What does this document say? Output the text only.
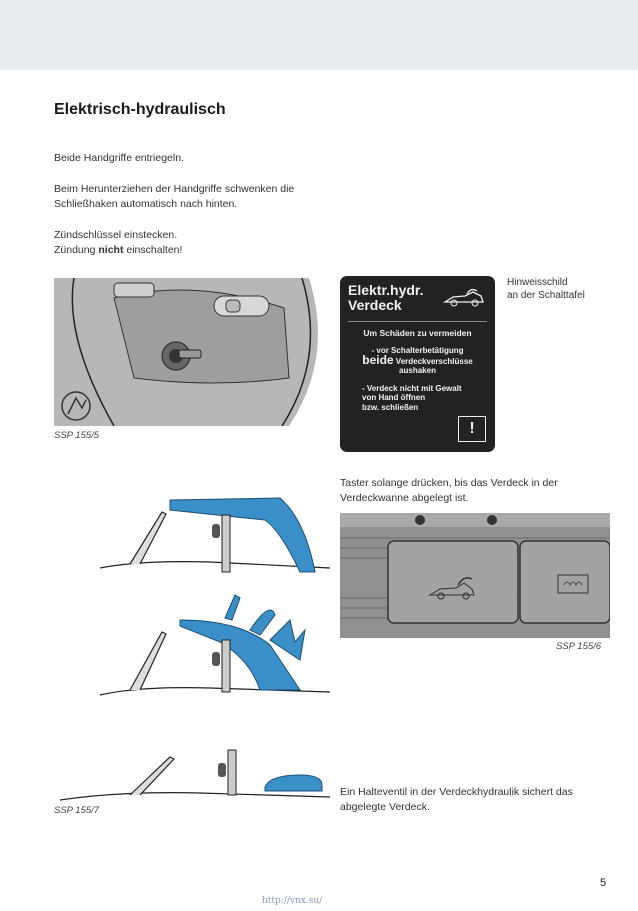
Elektrisch-hydraulisch
Beide Handgriffe entriegeln.
Beim Herunterziehen der Handgriffe schwenken die
Schließhaken automatisch nach hinten.
Zündschlüssel einstecken.
Zündung nicht einschalten!
SSP 155/5
Elektr.hydr.
Verdeck
Um Schäden zu vermeiden
- vor Schalterbetätigung
beide Verdeckverschlüsse
aushaken
- Verdeck nicht mit Gewalt
von Hand öffnen
bzw. schließen
!
Hinweisschild
an der Schalttafel
SSP 155/7
Taster solange drücken, bis das Verdeck in der
Verdeckwanne abgelegt ist.
SSP 155/6
Ein Halteventil in der Verdeckhydraulik sichert das
abgelegte Verdeck.
5
http://vnx.su/
